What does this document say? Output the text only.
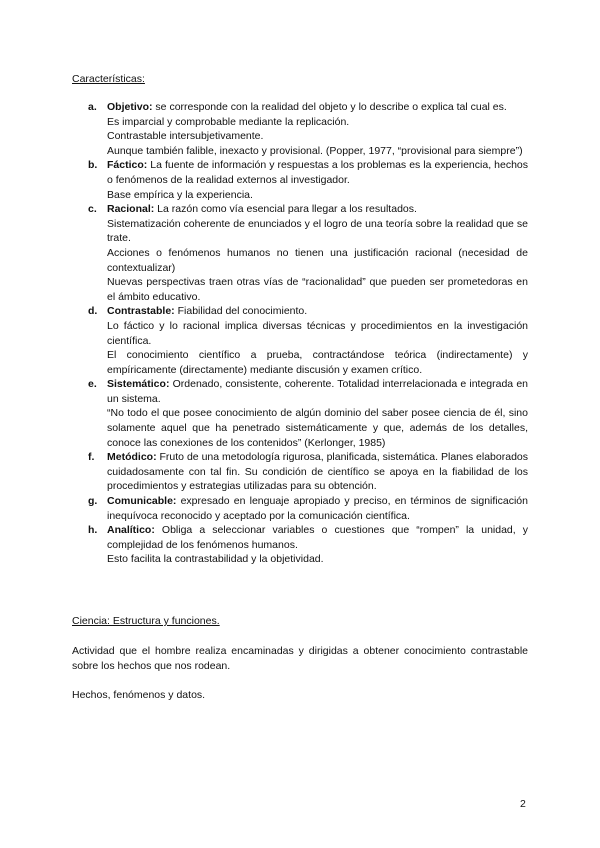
Características:
a. Objetivo: se corresponde con la realidad del objeto y lo describe o explica tal cual es.
Es imparcial y comprobable mediante la replicación.
Contrastable intersubjetivamente.
Aunque también falible, inexacto y provisional. (Popper, 1977, “provisional para siempre”)
b. Fáctico: La fuente de información y respuestas a los problemas es la experiencia, hechos o fenómenos de la realidad externos al investigador.
Base empírica y la experiencia.
c. Racional: La razón como vía esencial para llegar a los resultados.
Sistematización coherente de enunciados y el logro de una teoría sobre la realidad que se trate.
Acciones o fenómenos humanos no tienen una justificación racional (necesidad de contextualizar)
Nuevas perspectivas traen otras vías de “racionalidad” que pueden ser prometedoras en el ámbito educativo.
d. Contrastable: Fiabilidad del conocimiento.
Lo fáctico y lo racional implica diversas técnicas y procedimientos en la investigación científica.
El conocimiento científico a prueba, contractándose teórica (indirectamente) y empíricamente (directamente) mediante discusión y examen crítico.
e. Sistemático: Ordenado, consistente, coherente. Totalidad interrelacionada e integrada en un sistema.
“No todo el que posee conocimiento de algún dominio del saber posee ciencia de él, sino solamente aquel que ha penetrado sistemáticamente y que, además de los detalles, conoce las conexiones de los contenidos” (Kerlonger, 1985)
f. Metódico: Fruto de una metodología rigurosa, planificada, sistemática. Planes elaborados cuidadosamente con tal fin. Su condición de científico se apoya en la fiabilidad de los procedimientos y estrategias utilizadas para su obtención.
g. Comunicable: expresado en lenguaje apropiado y preciso, en términos de significación inequívoca reconocido y aceptado por la comunicación científica.
h. Analítico: Obliga a seleccionar variables o cuestiones que “rompen” la unidad, y complejidad de los fenómenos humanos.
Esto facilita la contrastabilidad y la objetividad.
Ciencia: Estructura y funciones.

Actividad que el hombre realiza encaminadas y dirigidas a obtener conocimiento contrastable sobre los hechos que nos rodean.

Hechos, fenómenos y datos.

2
